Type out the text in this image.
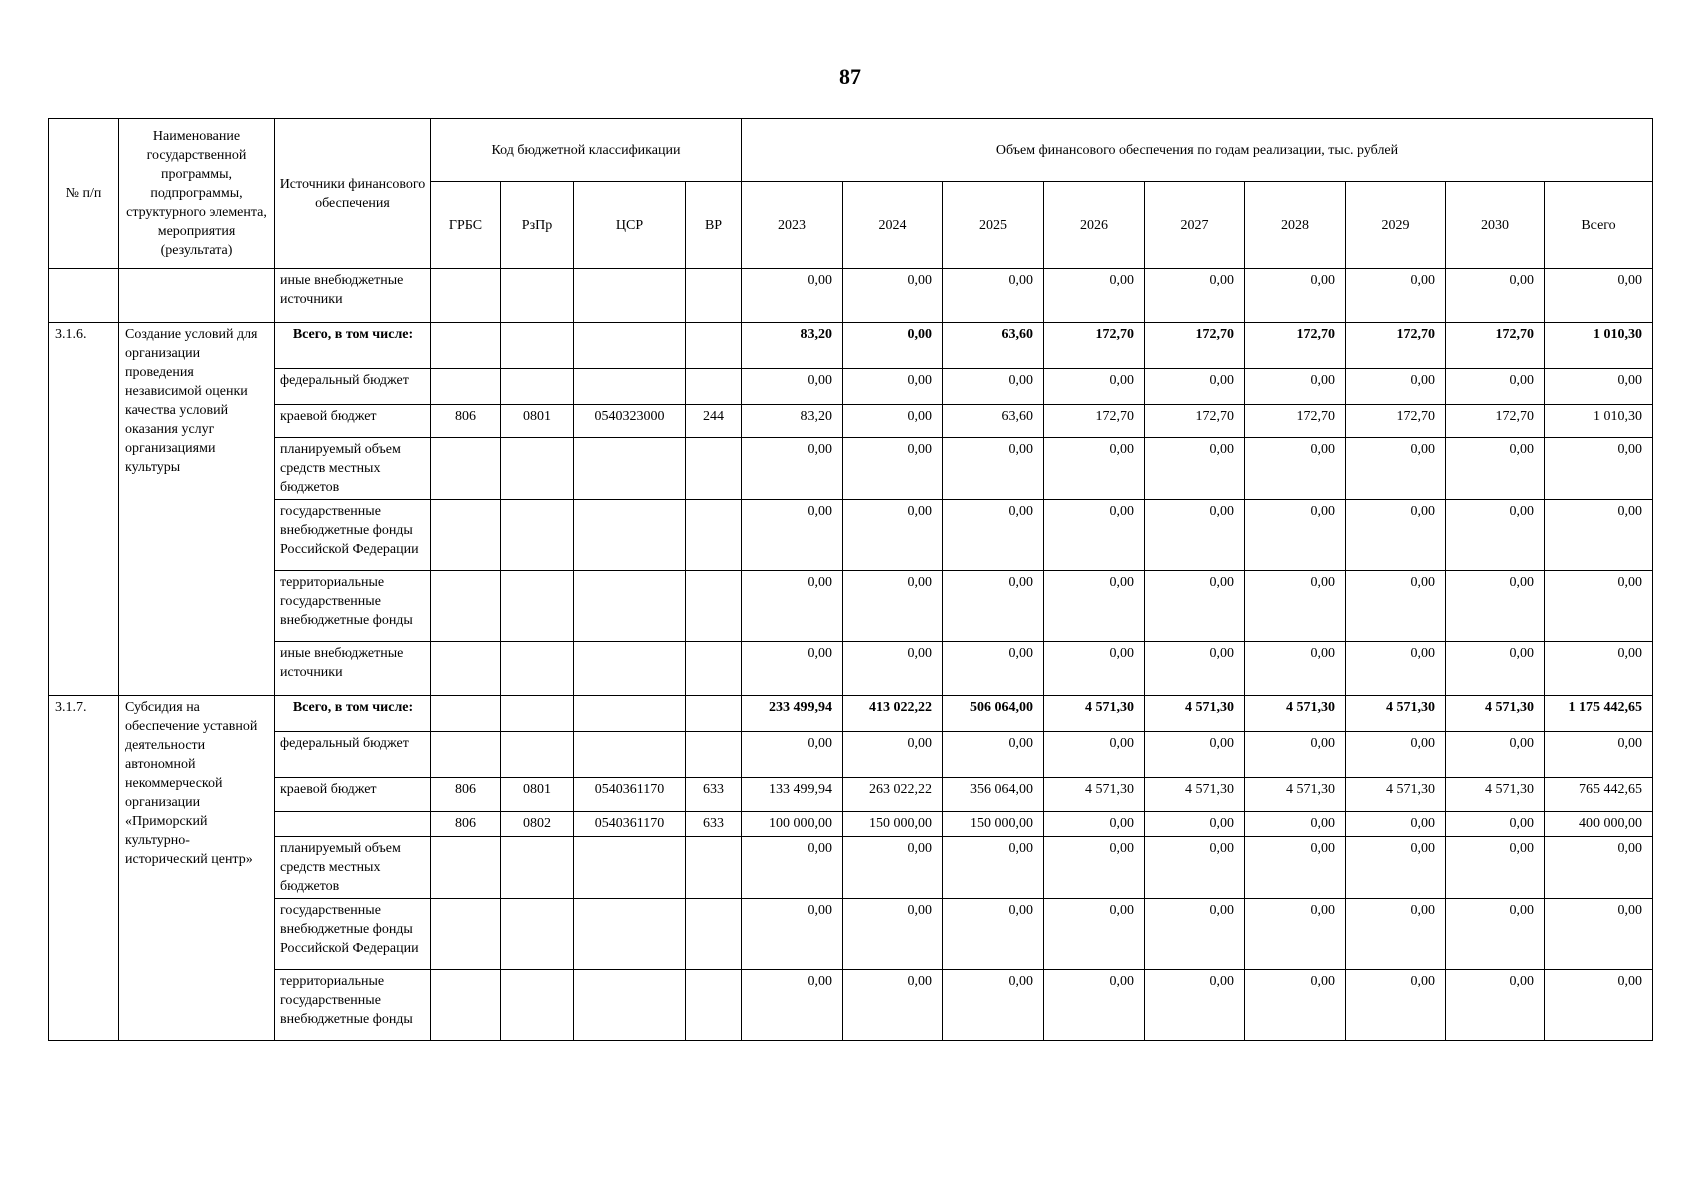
87
№ п/п	Наименование государственной программы, подпрограммы, структурного элемента, мероприятия (результата)	Источники финансового обеспечения	Код бюджетной классификации				Объем финансового обеспечения по годам реализации, тыс. рублей								
			ГРБС	РзПр	ЦСР	ВР	2023	2024	2025	2026	2027	2028	2029	2030	Всего
		иные внебюджетные источники					0,00	0,00	0,00	0,00	0,00	0,00	0,00	0,00	0,00
3.1.6.	Создание условий для организации проведения независимой оценки качества условий оказания услуг организациями культуры	Всего, в том числе:					83,20	0,00	63,60	172,70	172,70	172,70	172,70	172,70	1 010,30
		федеральный бюджет					0,00	0,00	0,00	0,00	0,00	0,00	0,00	0,00	0,00
		краевой бюджет	806	0801	0540323000	244	83,20	0,00	63,60	172,70	172,70	172,70	172,70	172,70	1 010,30
		планируемый объем средств местных бюджетов					0,00	0,00	0,00	0,00	0,00	0,00	0,00	0,00	0,00
		государственные внебюджетные фонды Российской Федерации					0,00	0,00	0,00	0,00	0,00	0,00	0,00	0,00	0,00
		территориальные государственные внебюджетные фонды					0,00	0,00	0,00	0,00	0,00	0,00	0,00	0,00	0,00
		иные внебюджетные источники					0,00	0,00	0,00	0,00	0,00	0,00	0,00	0,00	0,00
3.1.7.	Субсидия на обеспечение уставной деятельности автономной некоммерческой организации «Приморский культурно-исторический центр»	Всего, в том числе:					233 499,94	413 022,22	506 064,00	4 571,30	4 571,30	4 571,30	4 571,30	4 571,30	1 175 442,65
		федеральный бюджет					0,00	0,00	0,00	0,00	0,00	0,00	0,00	0,00	0,00
		краевой бюджет	806	0801	0540361170	633	133 499,94	263 022,22	356 064,00	4 571,30	4 571,30	4 571,30	4 571,30	4 571,30	765 442,65
			806	0802	0540361170	633	100 000,00	150 000,00	150 000,00	0,00	0,00	0,00	0,00	0,00	400 000,00
		планируемый объем средств местных бюджетов					0,00	0,00	0,00	0,00	0,00	0,00	0,00	0,00	0,00
		государственные внебюджетные фонды Российской Федерации					0,00	0,00	0,00	0,00	0,00	0,00	0,00	0,00	0,00
		территориальные государственные внебюджетные фонды					0,00	0,00	0,00	0,00	0,00	0,00	0,00	0,00	0,00
